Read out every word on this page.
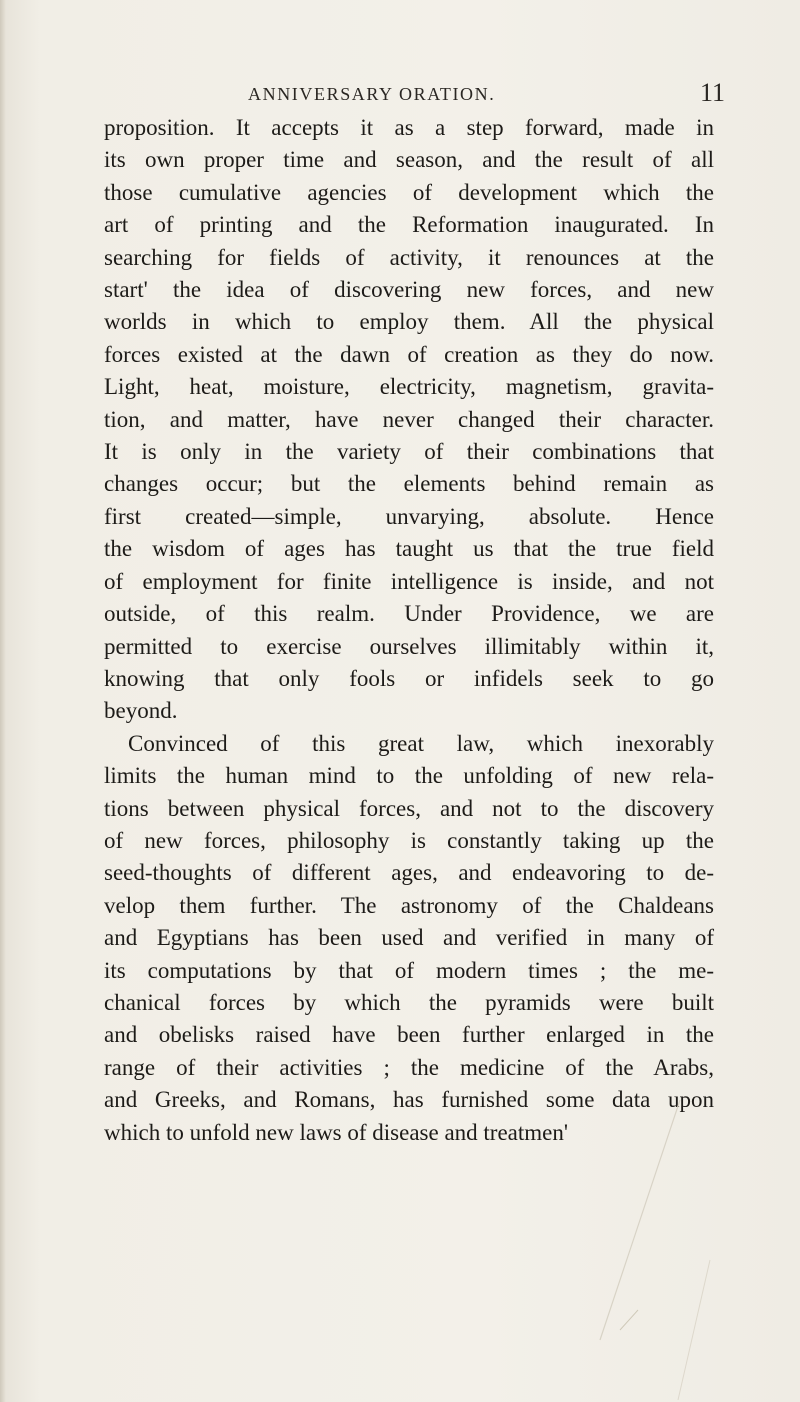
ANNIVERSARY ORATION.	11
proposition. It accepts it as a step forward, made in
its own proper time and season, and the result of all
those cumulative agencies of development which the
art of printing and the Reformation inaugurated. In
searching for fields of activity, it renounces at the
start' the idea of discovering new forces, and new
worlds in which to employ them. All the physical
forces existed at the dawn of creation as they do now.
Light, heat, moisture, electricity, magnetism, gravita-
tion, and matter, have never changed their character.
It is only in the variety of their combinations that
changes occur; but the elements behind remain as
first created—simple, unvarying, absolute. Hence
the wisdom of ages has taught us that the true field
of employment for finite intelligence is inside, and not
outside, of this realm. Under Providence, we are
permitted to exercise ourselves illimitably within it,
knowing that only fools or infidels seek to go
beyond.
Convinced of this great law, which inexorably
limits the human mind to the unfolding of new rela-
tions between physical forces, and not to the discovery
of new forces, philosophy is constantly taking up the
seed-thoughts of different ages, and endeavoring to de-
velop them further. The astronomy of the Chaldeans
and Egyptians has been used and verified in many of
its computations by that of modern times ; the me-
chanical forces by which the pyramids were built
and obelisks raised have been further enlarged in the
range of their activities ; the medicine of the Arabs,
and Greeks, and Romans, has furnished some data upon
which to unfold new laws of disease and treatmen'
